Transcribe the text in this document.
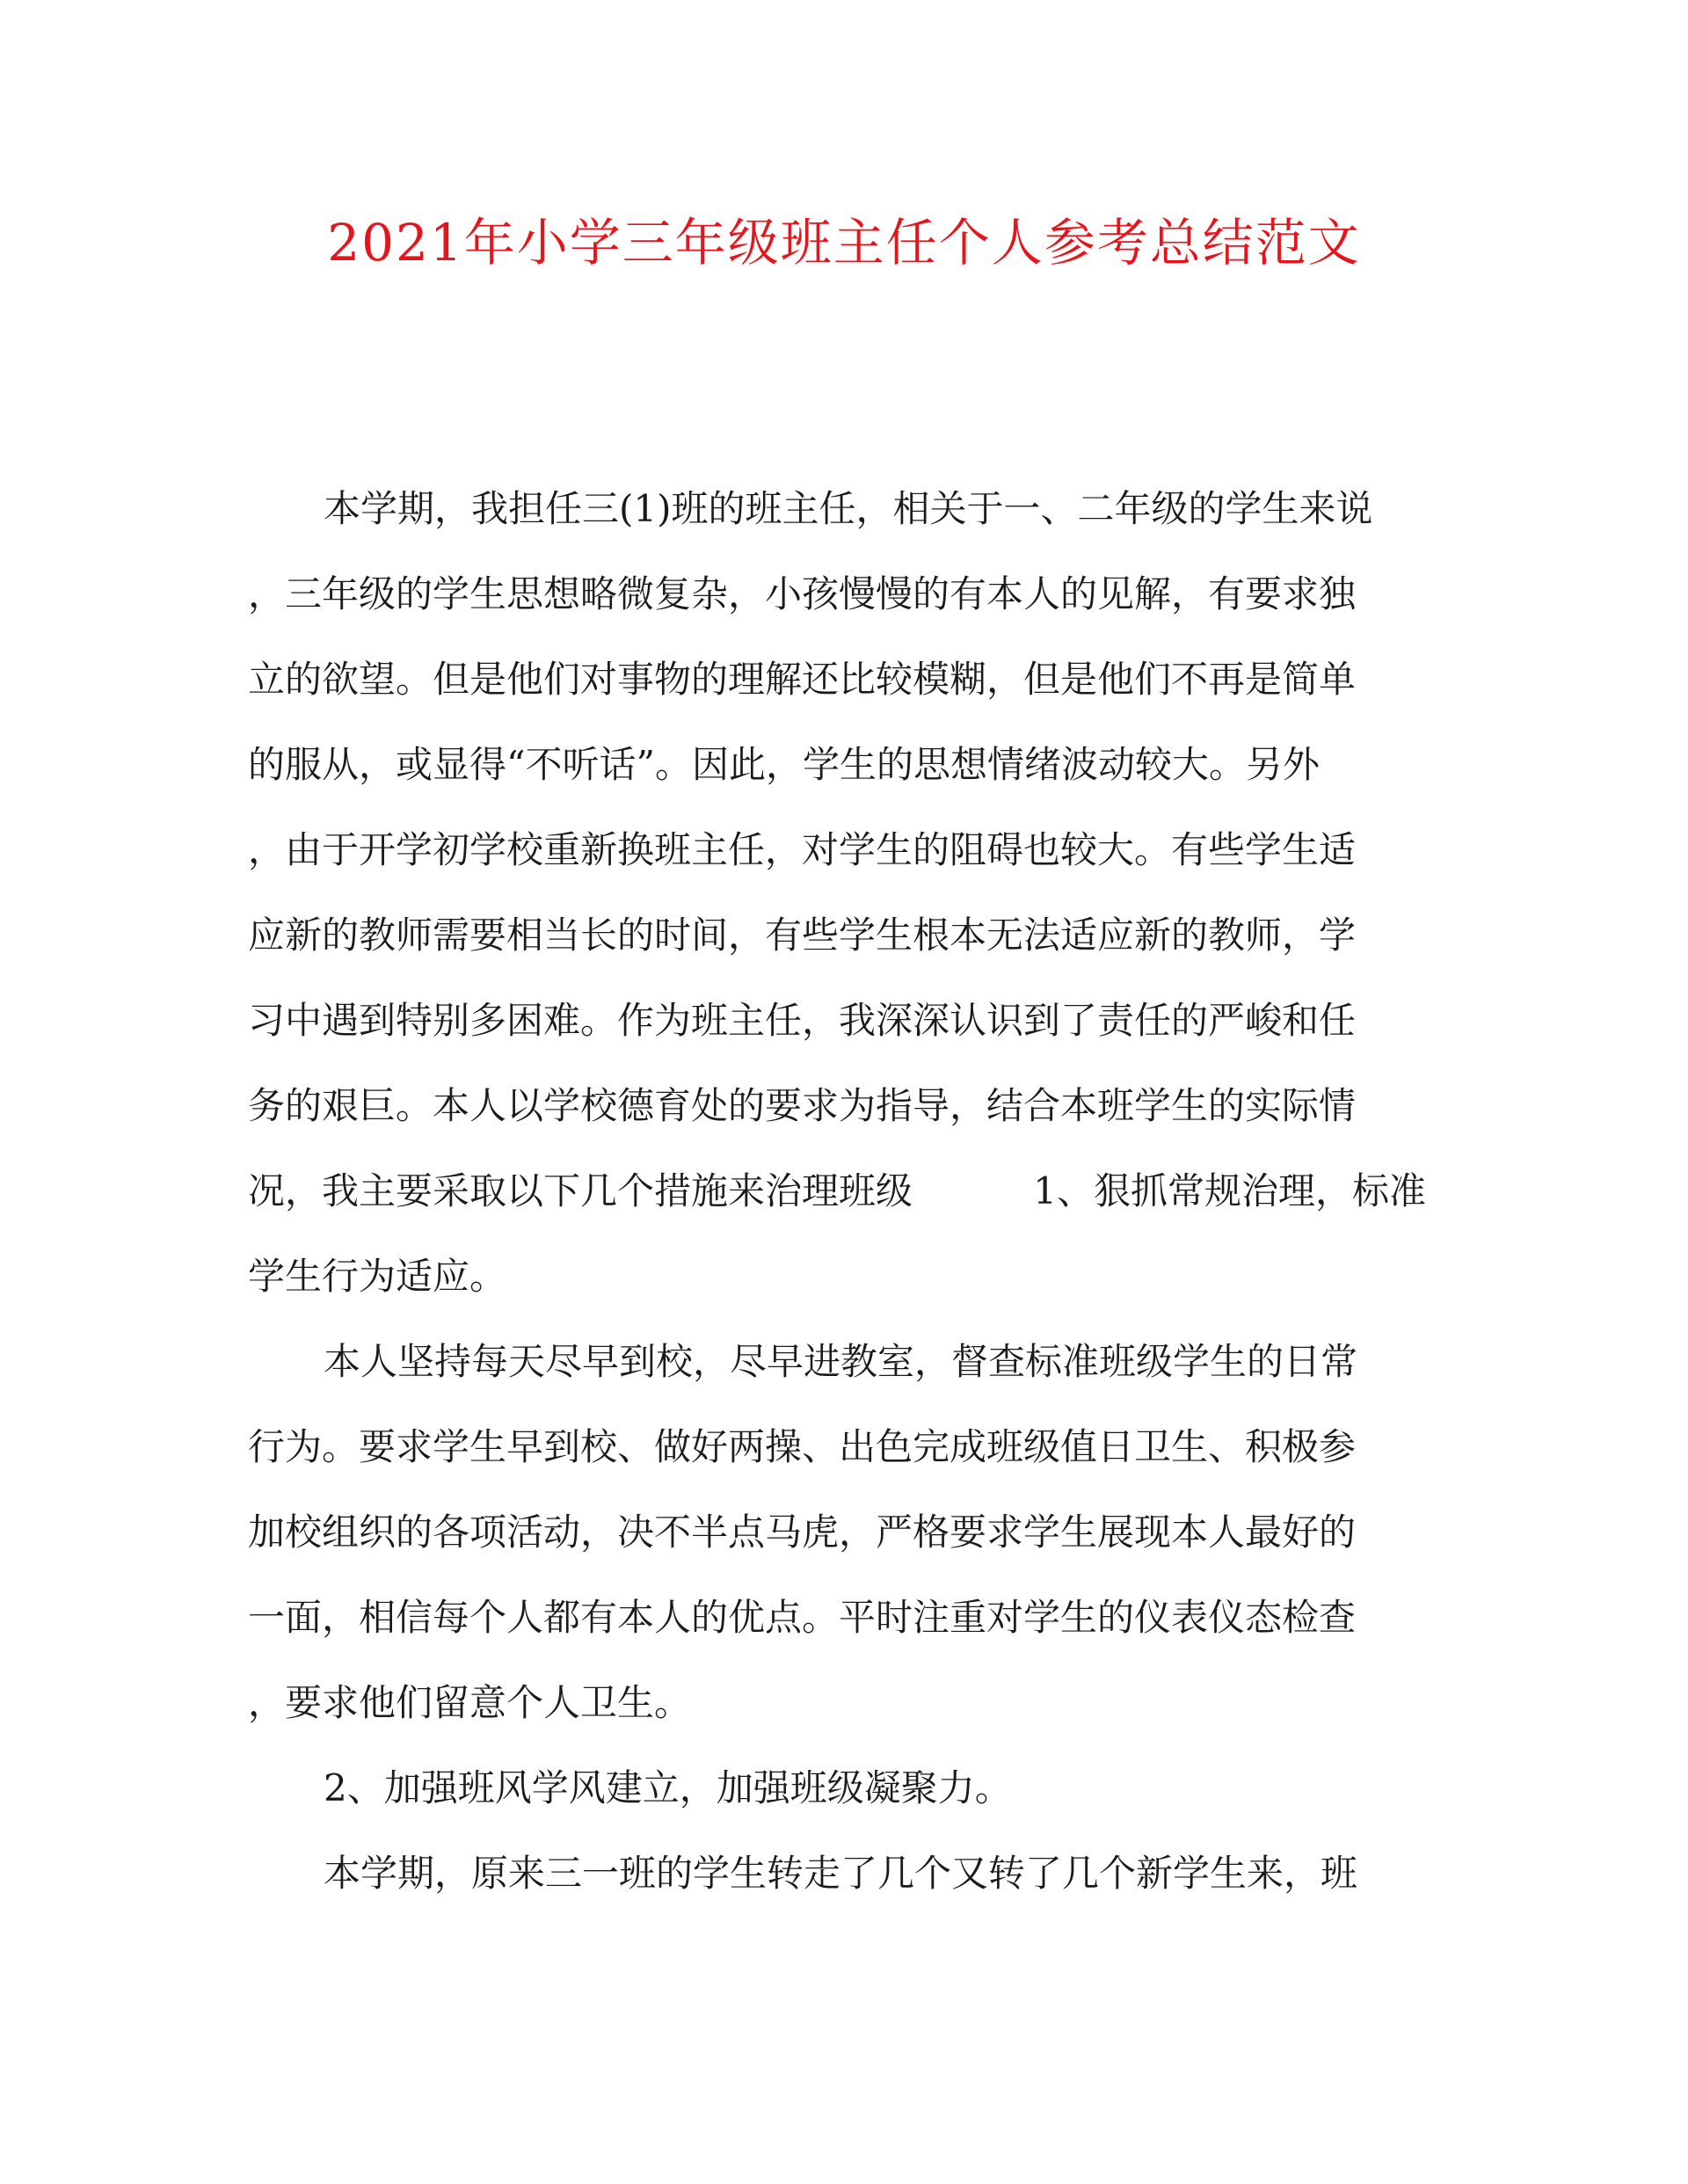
2021年小学三年级班主任个人参考总结范文
本学期，我担任三(1)班的班主任，相关于一、二年级的学生来说
，三年级的学生思想略微复杂，小孩慢慢的有本人的见解，有要求独
立的欲望。但是他们对事物的理解还比较模糊，但是他们不再是简单
的服从，或显得“不听话”。因此，学生的思想情绪波动较大。另外
，由于开学初学校重新换班主任，对学生的阻碍也较大。有些学生适
应新的教师需要相当长的时间，有些学生根本无法适应新的教师，学
习中遇到特别多困难。作为班主任，我深深认识到了责任的严峻和任
务的艰巨。本人以学校德育处的要求为指导，结合本班学生的实际情
况，我主要采取以下几个措施来治理班级	1、狠抓常规治理，标准
学生行为适应。
本人坚持每天尽早到校，尽早进教室，督查标准班级学生的日常
行为。要求学生早到校、做好两操、出色完成班级值日卫生、积极参
加校组织的各项活动，决不半点马虎，严格要求学生展现本人最好的
一面，相信每个人都有本人的优点。平时注重对学生的仪表仪态检查
，要求他们留意个人卫生。
2、加强班风学风建立，加强班级凝聚力。
本学期，原来三一班的学生转走了几个又转了几个新学生来，班
